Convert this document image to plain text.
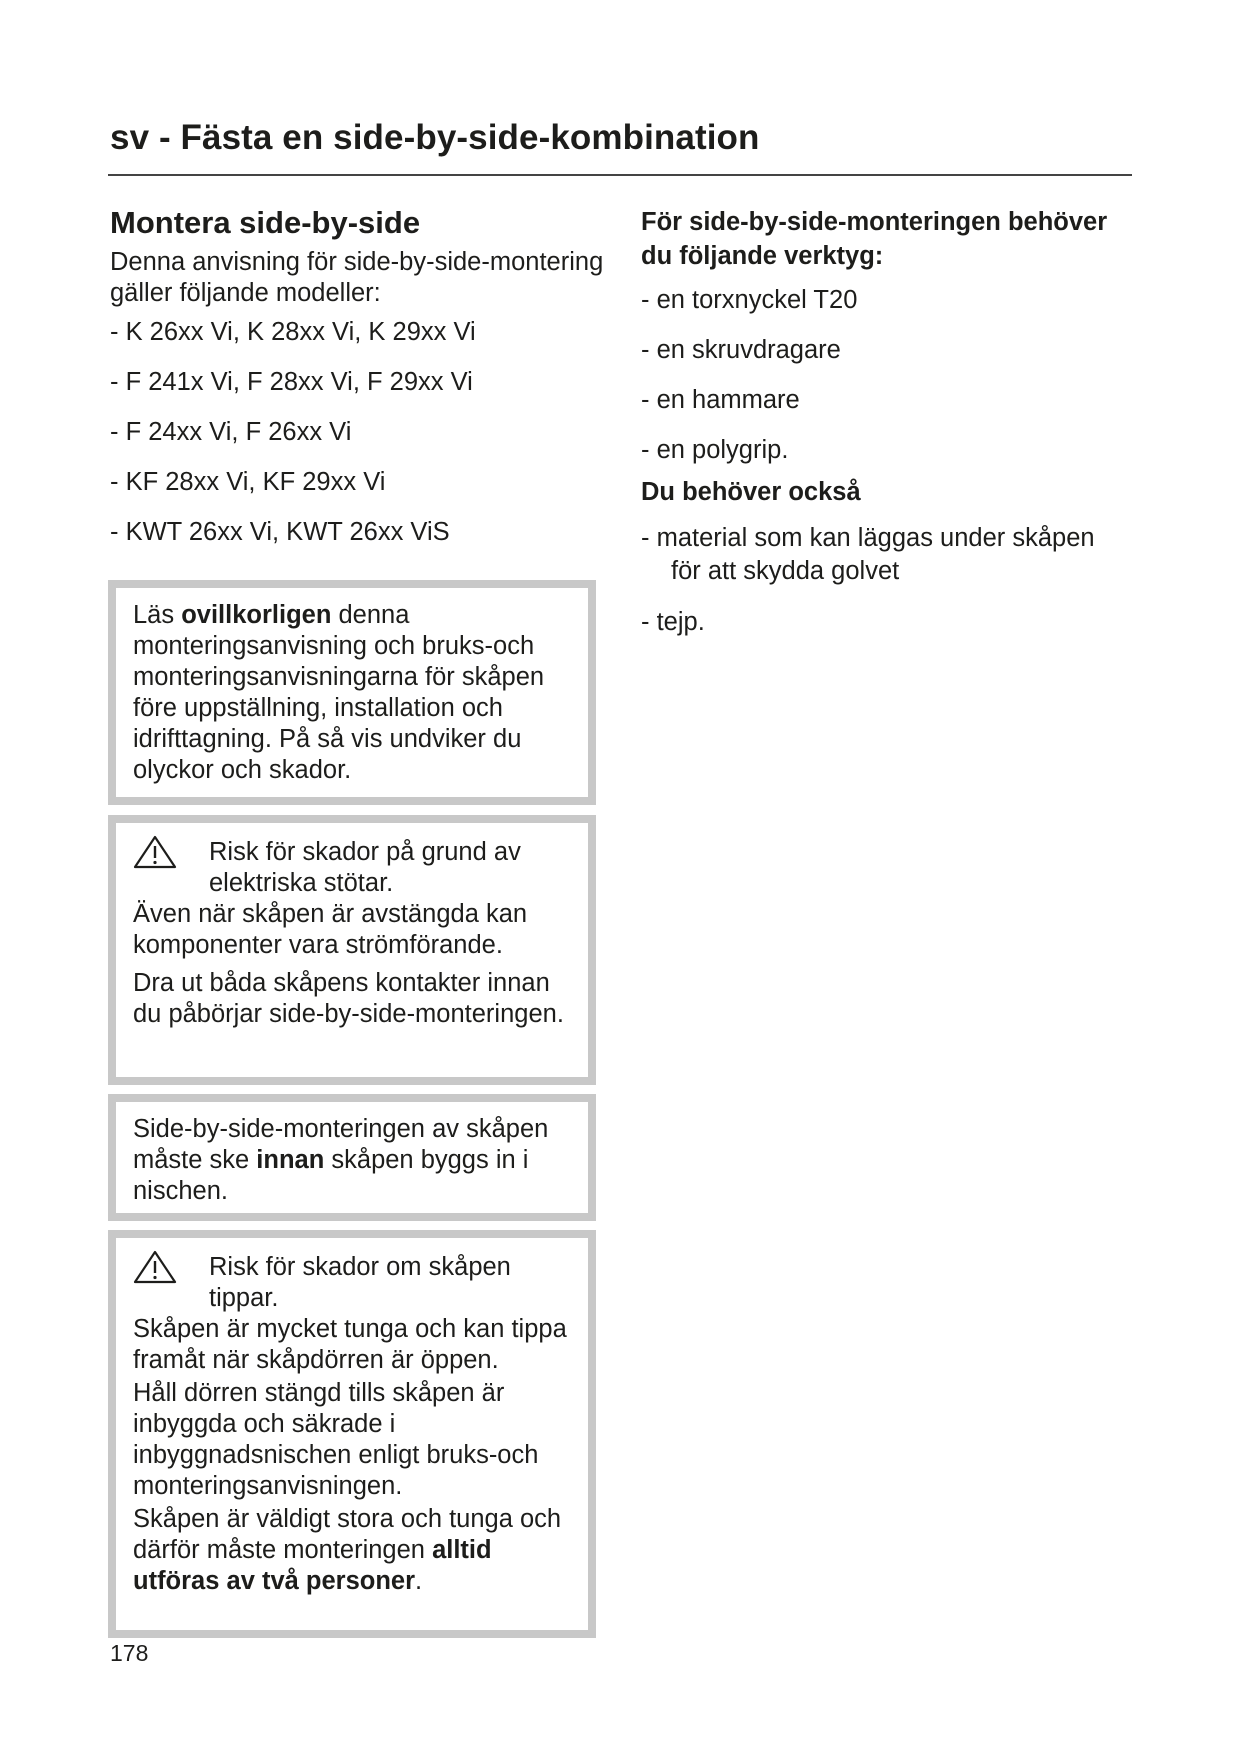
sv - Fästa en side-by-side-kombination
Montera side-by-side

Denna anvisning för side-by-side-montering gäller följande modeller:

- K 26xx Vi, K 28xx Vi, K 29xx Vi
- F 241x Vi, F 28xx Vi, F 29xx Vi
- F 24xx Vi, F 26xx Vi
- KF 28xx Vi, KF 29xx Vi
- KWT 26xx Vi, KWT 26xx ViS

Läs ovillkorligen denna monteringsanvisning och bruks-och monteringsanvisningarna för skåpen före uppställning, installation och idrifttagning. På så vis undviker du olyckor och skador.

Risk för skador på grund av elektriska stötar.

Även när skåpen är avstängda kan komponenter vara strömförande.

Dra ut båda skåpens kontakter innan du påbörjar side-by-side-monteringen.

Side-by-side-monteringen av skåpen måste ske innan skåpen byggs in i nischen.

Risk för skador om skåpen tippar.

Skåpen är mycket tunga och kan tippa framåt när skåpdörren är öppen.

Håll dörren stängd tills skåpen är inbyggda och säkrade i inbyggnadsnischen enligt bruks-och monteringsanvisningen.

Skåpen är väldigt stora och tunga och därför måste monteringen alltid utföras av två personer.

För side-by-side-monteringen behöver du följande verktyg:
- en torxnyckel T20
- en skruvdragare
- en hammare
- en polygrip.
Du behöver också
- material som kan läggas under skåpen för att skydda golvet
- tejp.
178
